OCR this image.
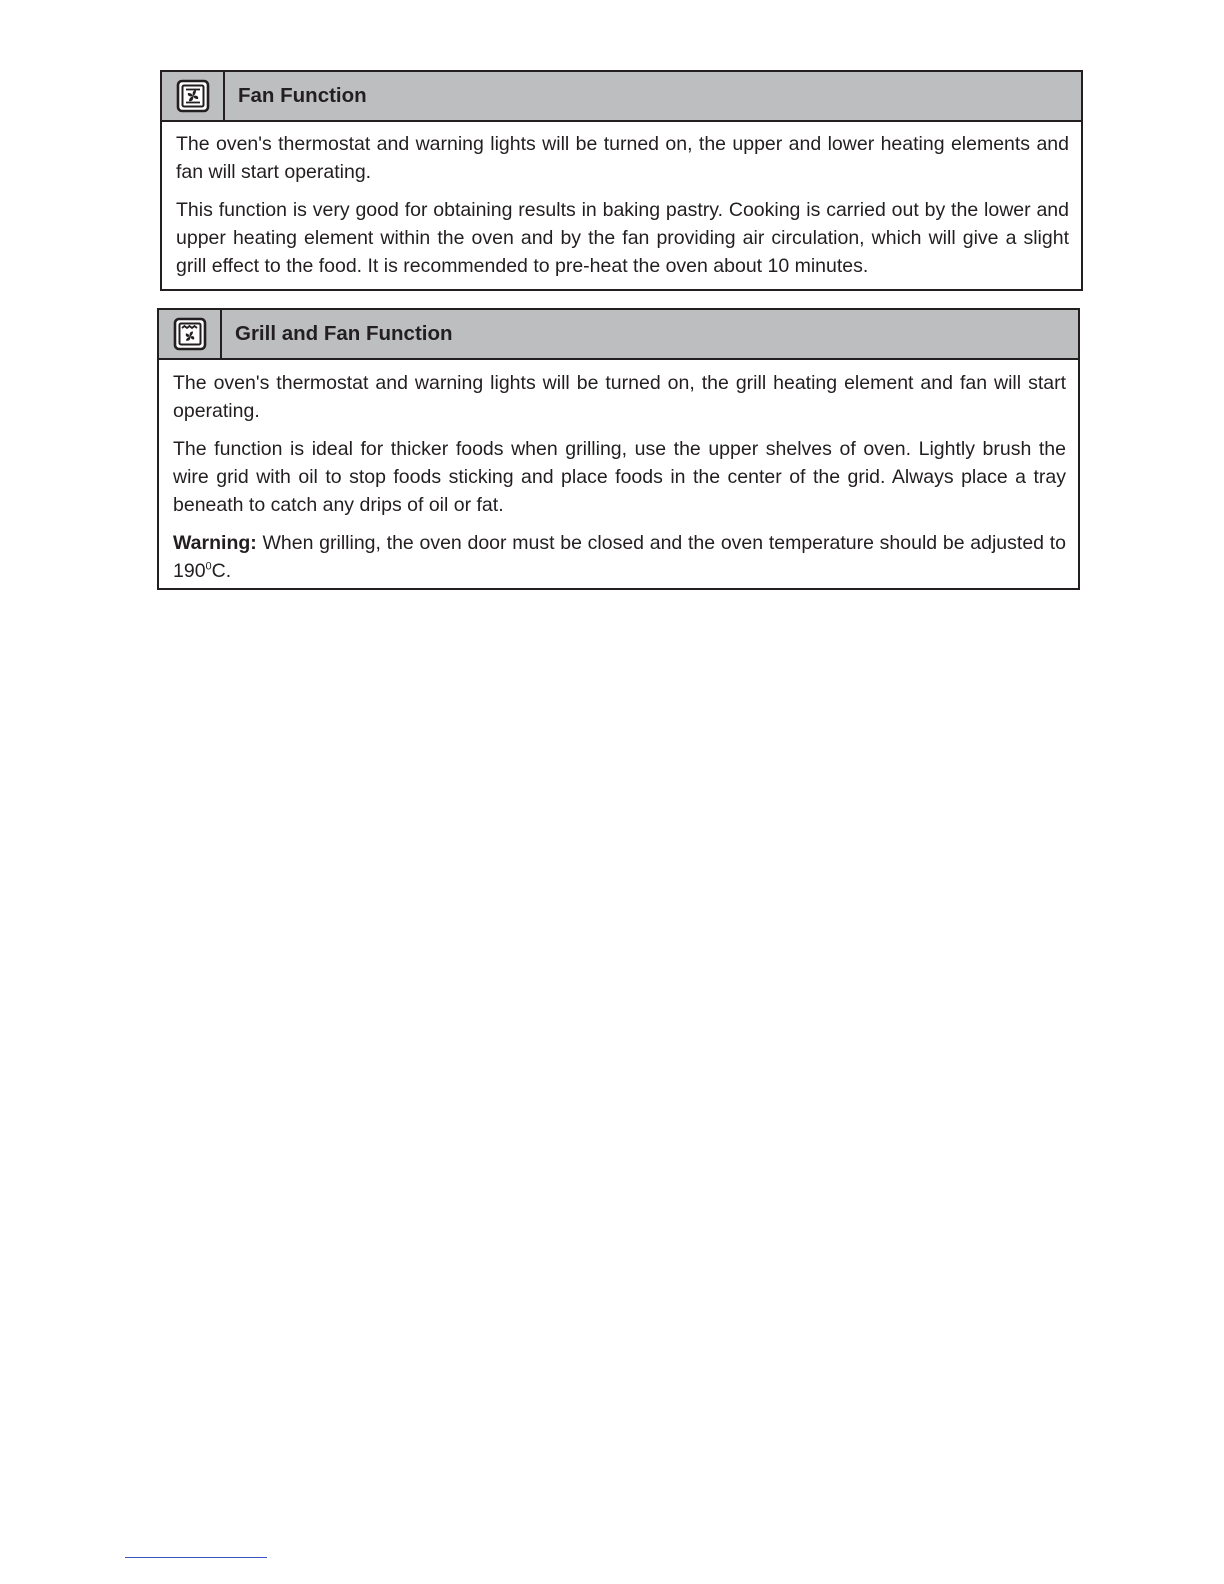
Fan Function

The oven's thermostat and warning lights will be turned on, the upper and lower heating elements and fan will start operating.

This function is very good for obtaining results in baking pastry. Cooking is carried out by the lower and upper heating element within the oven and by the fan providing air circulation, which will give a slight grill effect to the food. It is recommended to pre-heat the oven about 10 minutes.

Grill and Fan Function

The oven's thermostat and warning lights will be turned on, the grill heating element and fan will start operating.

The function is ideal for thicker foods when grilling, use the upper shelves of oven. Lightly brush the wire grid with oil to stop foods sticking and place foods in the center of the grid. Always place a tray beneath to catch any drips of oil or fat.

Warning: When grilling, the oven door must be closed and the oven temperature should be adjusted to $190^0C$.
